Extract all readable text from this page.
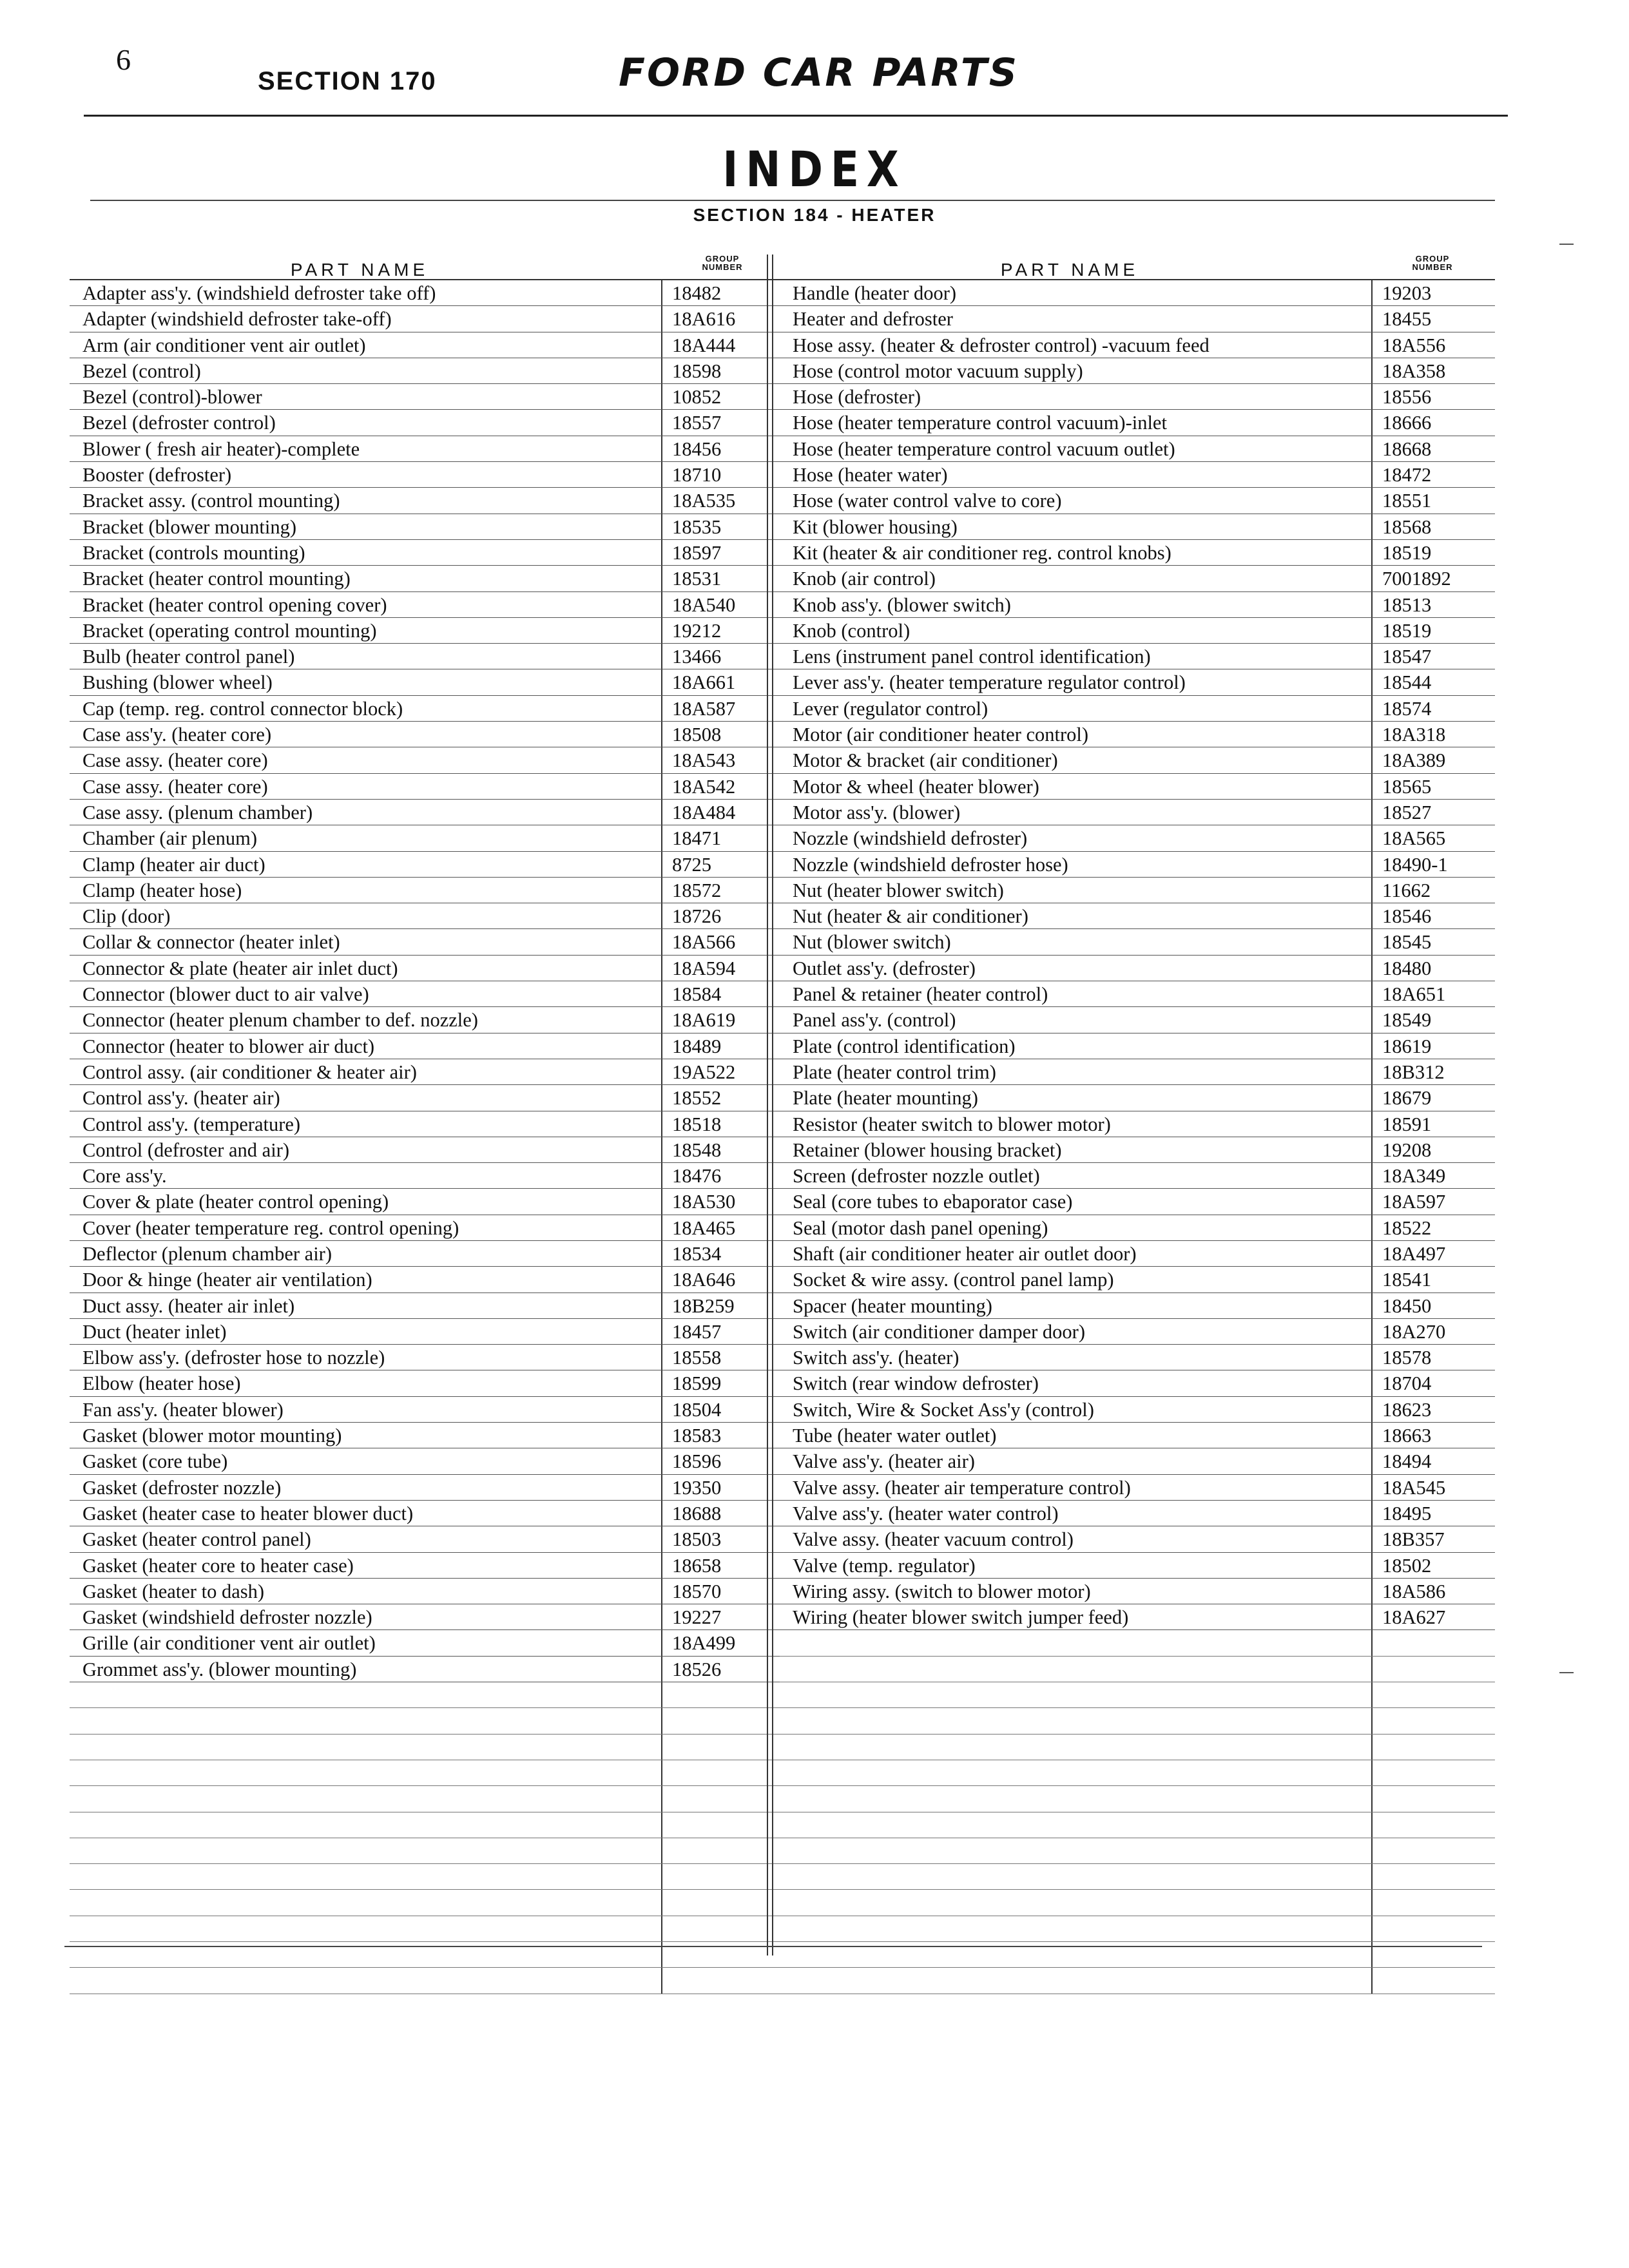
6
SECTION 170	FORD CAR PARTS
INDEX
SECTION 184 - HEATER
PART NAME
GROUP
NUMBER
Adapter ass'y. (windshield defroster take off)	18482
Adapter (windshield defroster take-off)	18A616
Arm (air conditioner vent air outlet)	18A444
Bezel (control)	18598
Bezel (control)-blower	10852
Bezel (defroster control)	18557
Blower ( fresh air heater)-complete	18456
Booster (defroster)	18710
Bracket assy. (control mounting)	18A535
Bracket (blower mounting)	18535
Bracket (controls mounting)	18597
Bracket (heater control mounting)	18531
Bracket (heater control opening cover)	18A540
Bracket (operating control mounting)	19212
Bulb (heater control panel)	13466
Bushing (blower wheel)	18A661
Cap (temp. reg. control connector block)	18A587
Case ass'y. (heater core)	18508
Case assy. (heater core)	18A543
Case assy. (heater core)	18A542
Case assy. (plenum chamber)	18A484
Chamber (air plenum)	18471
Clamp (heater air duct)	8725
Clamp (heater hose)	18572
Clip (door)	18726
Collar & connector (heater inlet)	18A566
Connector & plate (heater air inlet duct)	18A594
Connector (blower duct to air valve)	18584
Connector (heater plenum chamber to def. nozzle)	18A619
Connector (heater to blower air duct)	18489
Control assy. (air conditioner & heater air)	19A522
Control ass'y. (heater air)	18552
Control ass'y. (temperature)	18518
Control (defroster and air)	18548
Core ass'y.	18476
Cover & plate (heater control opening)	18A530
Cover (heater temperature reg. control opening)	18A465
Deflector (plenum chamber air)	18534
Door & hinge (heater air ventilation)	18A646
Duct assy. (heater air inlet)	18B259
Duct (heater inlet)	18457
Elbow ass'y. (defroster hose to nozzle)	18558
Elbow (heater hose)	18599
Fan ass'y. (heater blower)	18504
Gasket (blower motor mounting)	18583
Gasket (core tube)	18596
Gasket (defroster nozzle)	19350
Gasket (heater case to heater blower duct)	18688
Gasket (heater control panel)	18503
Gasket (heater core to heater case)	18658
Gasket (heater to dash)	18570
Gasket (windshield defroster nozzle)	19227
Grille (air conditioner vent air outlet)	18A499
Grommet ass'y. (blower mounting)	18526
PART NAME
GROUP
NUMBER
Handle (heater door)	19203
Heater and defroster	18455
Hose assy. (heater & defroster control) -vacuum feed	18A556
Hose (control motor vacuum supply)	18A358
Hose (defroster)	18556
Hose (heater temperature control vacuum)-inlet	18666
Hose (heater temperature control vacuum outlet)	18668
Hose (heater water)	18472
Hose (water control valve to core)	18551
Kit (blower housing)	18568
Kit (heater & air conditioner reg. control knobs)	18519
Knob (air control)	7001892
Knob ass'y. (blower switch)	18513
Knob (control)	18519
Lens (instrument panel control identification)	18547
Lever ass'y. (heater temperature regulator control)	18544
Lever (regulator control)	18574
Motor (air conditioner heater control)	18A318
Motor & bracket (air conditioner)	18A389
Motor & wheel (heater blower)	18565
Motor ass'y. (blower)	18527
Nozzle (windshield defroster)	18A565
Nozzle (windshield defroster hose)	18490-1
Nut (heater blower switch)	11662
Nut (heater & air conditioner)	18546
Nut (blower switch)	18545
Outlet ass'y. (defroster)	18480
Panel & retainer (heater control)	18A651
Panel ass'y. (control)	18549
Plate (control identification)	18619
Plate (heater control trim)	18B312
Plate (heater mounting)	18679
Resistor (heater switch to blower motor)	18591
Retainer (blower housing bracket)	19208
Screen (defroster nozzle outlet)	18A349
Seal (core tubes to ebaporator case)	18A597
Seal (motor dash panel opening)	18522
Shaft (air conditioner heater air outlet door)	18A497
Socket & wire assy. (control panel lamp)	18541
Spacer (heater mounting)	18450
Switch (air conditioner damper door)	18A270
Switch ass'y. (heater)	18578
Switch (rear window defroster)	18704
Switch, Wire & Socket Ass'y (control)	18623
Tube (heater water outlet)	18663
Valve ass'y. (heater air)	18494
Valve assy. (heater air temperature control)	18A545
Valve ass'y. (heater water control)	18495
Valve assy. (heater vacuum control)	18B357
Valve (temp. regulator)	18502
Wiring assy. (switch to blower motor)	18A586
Wiring (heater blower switch jumper feed)	18A627
